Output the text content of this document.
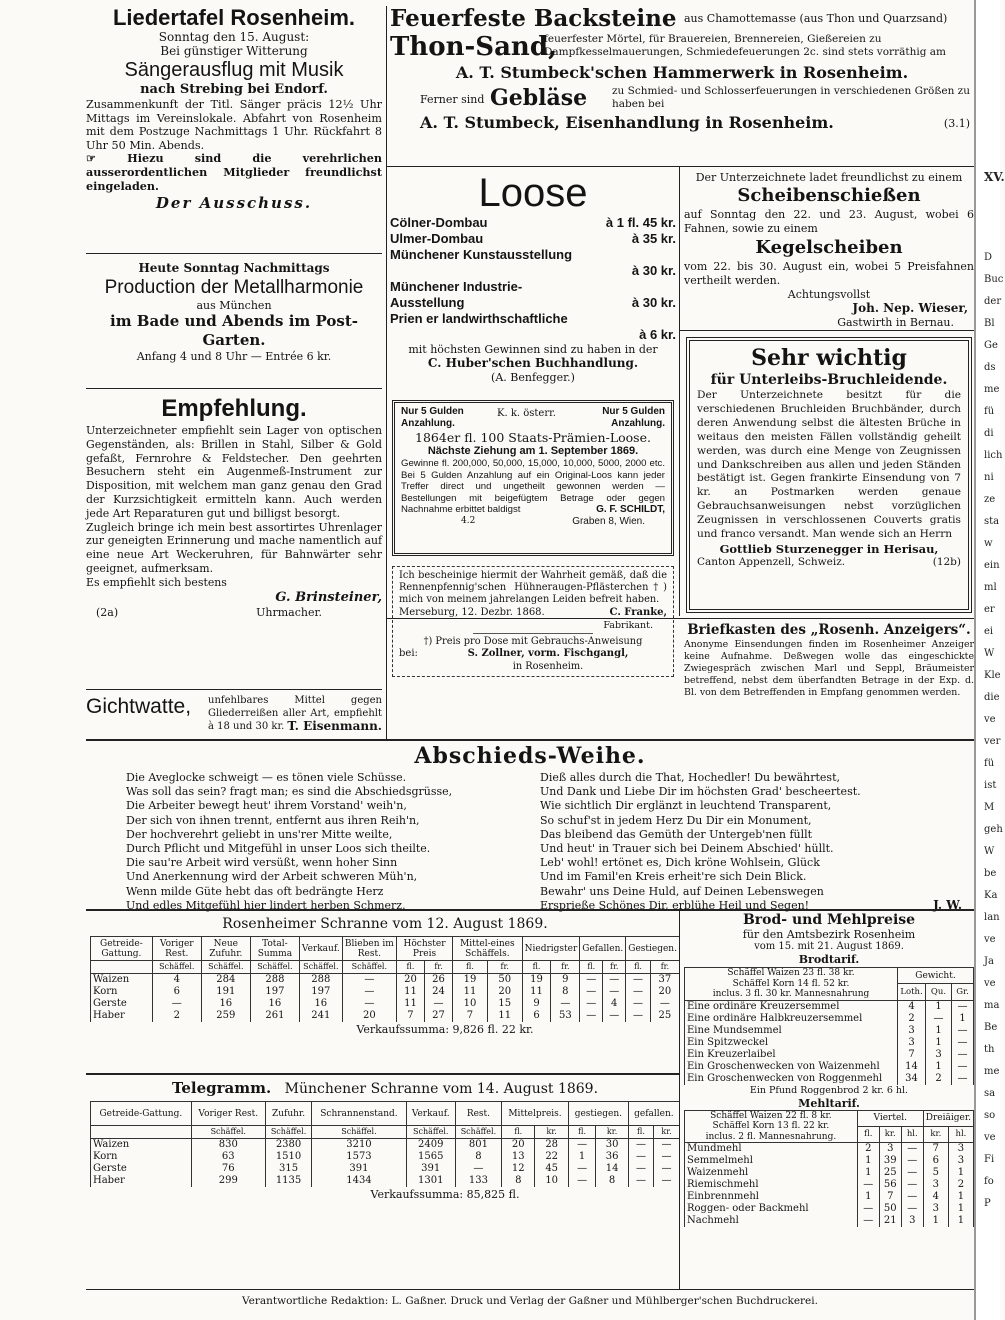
Liedertafel Rosenheim.
Sonntag den 15. August:
Bei günstiger Witterung
Sängerausflug mit Musik
nach Strebing bei Endorf.
Zusammenkunft der Titl. Sänger präcis 12½ Uhr Mittags im Vereinslokale. Abfahrt von Rosenheim mit dem Postzuge Nachmittags 1 Uhr. Rückfahrt 8 Uhr 50 Min. Abends.
☞ Hiezu sind die verehrlichen ausserordentlichen Mitglieder freundlichst eingeladen.
Der Ausschuss.
Heute Sonntag Nachmittags
Production der Metallharmonie
aus München
im Bade und Abends im Post-Garten.
Anfang 4 und 8 Uhr — Entrée 6 kr.
Empfehlung.
Unterzeichneter empfiehlt sein Lager von optischen Gegenständen, als: Brillen in Stahl, Silber & Gold gefaßt, Fernrohre & Feldstecher. Den geehrten Besuchern steht ein Augenmeß-Instrument zur Disposition, mit welchem man ganz genau den Grad der Kurzsichtigkeit ermitteln kann. Auch werden jede Art Reparaturen gut und billigst besorgt.
Zugleich bringe ich mein best assortirtes Uhrenlager zur geneigten Erinnerung und mache namentlich auf eine neue Art Weckeruhren, für Bahnwärter sehr geeignet, aufmerksam.
Es empfiehlt sich bestens
G. Brinsteiner,
(2a)	Uhrmacher.
Gichtwatte, unfehlbares Mittel gegen Gliederreißen aller Art, empfiehlt à 18 und 30 kr. T. Eisenmann.
Feuerfeste Backsteine aus Chamottemasse (aus Thon und Quarzsand)
Thon-Sand,
feuerfester Mörtel, für Brauereien, Brennereien, Gießereien zu Dampfkesselmauerungen, Schmiedefeuerungen 2c. sind stets vorräthig am
A. T. Stumbeck'schen Hammerwerk in Rosenheim.
Ferner sind Gebläse zu Schmied- und Schlosserfeuerungen in verschiedenen Größen zu haben bei
A. T. Stumbeck, Eisenhandlung in Rosenheim.	(3.1)
Loose
Cölner-Dombau	à 1 fl. 45 kr.
Ulmer-Dombau	à 35 kr.
Münchener Kunstausstellung
à 30 kr.
Münchener Industrie-Ausstellung	à 30 kr.
Prien er landwirthschaftliche
à 6 kr.
mit höchsten Gewinnen sind zu haben in der
C. Huber'schen Buchhandlung.
(A. Benfegger.)
Nur 5 Gulden Anzahlung.
K. k. österr.	Nur 5 Gulden Anzahlung.
1864er fl. 100 Staats-Prämien-Loose.
Nächste Ziehung am 1. September 1869.
Gewinne fl. 200,000, 50,000, 15,000, 10,000, 5000, 2000 etc. Bei 5 Gulden Anzahlung auf ein Original-Loos kann jeder Treffer direct und ungetheilt gewonnen werden — Bestellungen mit beigefügtem Betrage oder gegen Nachnahme erbittet baldigst	G. F. SCHILDT,
4.2	Graben 8, Wien.
Ich bescheinige hiermit der Wahrheit gemäß, daß die Rennenpfennig'schen Hühneraugen-Pflästerchen†) mich von meinem jahrelangen Leiden befreit haben.
Merseburg, 12. Dezbr. 1868.	C. Franke,
Fabrikant.
†) Preis pro Dose mit Gebrauchs-Anweisung
bei:	S. Zollner, vorm. Fischgangl,
in Rosenheim.
Der Unterzeichnete ladet freundlichst zu einem
Scheibenschießen
auf Sonntag den 22. und 23. August, wobei 6 Fahnen, sowie zu einem
Kegelscheiben
vom 22. bis 30. August ein, wobei 5 Preisfahnen vertheilt werden.
Achtungsvollst
Joh. Nep. Wieser,
Gastwirth in Bernau.
Sehr wichtig
für Unterleibs-Bruchleidende.
Der Unterzeichnete besitzt für die verschiedenen Bruchleiden Bruchbänder, durch deren Anwendung selbst die ältesten Brüche in weitaus den meisten Fällen vollständig geheilt werden, was durch eine Menge von Zeugnissen und Dankschreiben aus allen und jeden Ständen bestätigt ist. Gegen frankirte Einsendung von 7 kr. an Postmarken werden genaue Gebrauchsanweisungen nebst vorzüglichen Zeugnissen in verschlossenen Couverts gratis und franco versandt. Man wende sich an Herrn
Gottlieb Sturzenegger in Herisau,
Canton Appenzell, Schweiz.	(12b)
Briefkasten des „Rosenh. Anzeigers“.
Anonyme Einsendungen finden im Rosenheimer Anzeiger keine Aufnahme. Deßwegen wolle das eingeschickte Zwiegespräch zwischen Marl und Seppl, Bräumeister betreffend, nebst dem überfandten Betrage in der Exp. d. Bl. von dem Betreffenden in Empfang genommen werden.
Abschieds-Weihe.
Die Aveglocke schweigt — es tönen viele Schüsse.
Was soll das sein? fragt man; es sind die Abschiedsgrüsse,
Die Arbeiter bewegt heut' ihrem Vorstand' weih'n,
Der sich von ihnen trennt, entfernt aus ihren Reih'n,
Der hochverehrt geliebt in uns'rer Mitte weilte,
Durch Pflicht und Mitgefühl in unser Loos sich theilte.
Die sau're Arbeit wird versüßt, wenn hoher Sinn
Und Anerkennung wird der Arbeit schweren Müh'n,
Wenn milde Güte hebt das oft bedrängte Herz
Und edles Mitgefühl hier lindert herben Schmerz.
Dieß alles durch die That, Hochedler! Du bewährtest,
Und Dank und Liebe Dir im höchsten Grad' bescheertest.
Wie sichtlich Dir erglänzt in leuchtend Transparent,
So schuf'st in jedem Herz Du Dir ein Monument,
Das bleibend das Gemüth der Untergeb'nen füllt
Und heut' in Trauer sich bei Deinem Abschied' hüllt.
Leb' wohl! ertönet es, Dich kröne Wohlsein, Glück
Und im Famil'en Kreis erheit're sich Dein Blick.
Bewahr' uns Deine Huld, auf Deinen Lebenswegen
Ersprieße Schönes Dir, erblühe Heil und Segen!	J. W.
Rosenheimer Schranne vom 12. August 1869.
Getreide-Gattung.	Voriger Rest.	Neue Zufuhr.	Total-Summa	Verkauf.	Blieben im Rest.	Höchster Preis		Mittel-eines Schäffels.		Niedrigster		Gefallen.		Gestiegen.	
	Schäffel.	Schäffel.	Schäffel.	Schäffel.	Schäffel.	fl.	fr.	fl.	fr.	fl.	fr.	fl.	fr.	fl.	fr.
Waizen	4	284	288	288	—	20	26	19	50	19	9	—	—	—	37
Korn	6	191	197	197	—	11	24	11	20	11	8	—	—	—	20
Gerste	—	16	16	16	—	11	—	10	15	9	—	—	4	—	—
Haber	2	259	261	241	20	7	27	7	11	6	53	—	—	—	25
Verkaufssumma: 9,826 fl. 22 kr.
Telegramm. Münchener Schranne vom 14. August 1869.
Getreide-Gattung.	Voriger Rest.	Zufuhr.	Schrannenstand.	Verkauf.	Rest.	Mittelpreis.		gestiegen.		gefallen.	
	Schäffel.	Schäffel.	Schäffel.	Schäffel.	Schäffel.	fl.	kr.	fl.	kr.	fl.	kr.
Waizen	830	2380	3210	2409	801	20	28	—	30	—	—
Korn	63	1510	1573	1565	8	13	22	1	36	—	—
Gerste	76	315	391	391	—	12	45	—	14	—	—
Haber	299	1135	1434	1301	133	8	10	—	8	—	—
Verkaufssumma: 85,825 fl.
Brod- und Mehlpreise
für den Amtsbezirk Rosenheim
vom 15. mit 21. August 1869.
Brodtarif.
Schäffel Waizen 23 fl. 38 kr.
Schäffel Korn 14 fl. 52 kr.
inclus. 3 fl. 30 kr. Mannesnahrung	Gewicht.		
	Loth.	Qu.	Gr.
Eine ordinäre Kreuzersemmel	4	1	—
Eine ordinäre Halbkreuzersemmel	2	—	1
Eine Mundsemmel	3	1	—
Ein Spitzweckel	3	1	—
Ein Kreuzerlaibel	7	3	—
Ein Groschenwecken von Waizenmehl	14	1	—
Ein Groschenwecken von Roggenmehl	34	2	—
Ein Pfund Roggenbrod 2 kr. 6 hl.
Mehltarif.
Schäffel Waizen 22 fl. 8 kr.
Schäffel Korn 13 fl. 22 kr.
inclus. 2 fl. Mannesnahrung.	Viertel.			Dreiäiger.	
	fl.	kr.	hl.	kr.	hl.
Mundmehl	2	3	—	7	3
Semmelmehl	1	39	—	6	3
Waizenmehl	1	25	—	5	1
Riemischmehl	—	56	—	3	2
Einbrennmehl	1	7	—	4	1
Roggen- oder Backmehl	—	50	—	3	1
Nachmehl	—	21	3	1	1
Verantwortliche Redaktion: L. Gaßner. Druck und Verlag der Gaßner und Mühlberger'schen Buchdruckerei.
XV.
D
Buc
der
Bl
Ge
ds
me
fü
di
lich
ni
ze
sta
w
ein
ml
er
ei
W
Kle
die
ve
ver
fü
ist
M
geh
W
be
Ka
lan
ve
Ja
ve
ma
Be
th
me
sa
so
ve
Fi
fo
P
